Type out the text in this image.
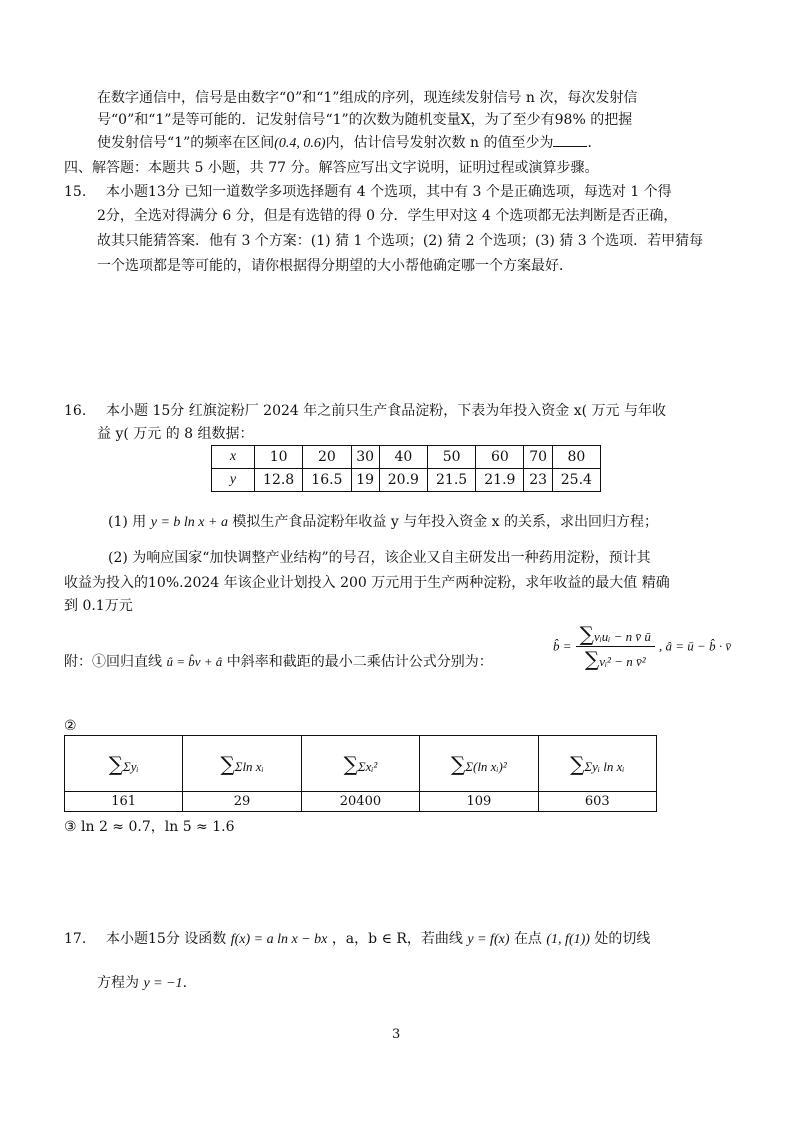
在数字通信中，信号是由数字“0”和“1”组成的序列，现连续发射信号 n 次，每次发射信
号“0”和“1”是等可能的．记发射信号“1”的次数为随机变量X，为了至少有98% 的把握
使发射信号“1”的频率在区间(0.4, 0.6)内，估计信号发射次数 n 的值至少为 ．
四、解答题：本题共 5 小题，共 77 分。解答应写出文字说明，证明过程或演算步骤。
15. 本小题13分 已知一道数学多项选择题有 4 个选项，其中有 3 个是正确选项，每选对 1 个得
2分，全选对得满分 6 分，但是有选错的得 0 分．学生甲对这 4 个选项都无法判断是否正确，
故其只能猜答案．他有 3 个方案：(1) 猜 1 个选项；(2) 猜 2 个选项；(3) 猜 3 个选项．若甲猜每
一个选项都是等可能的，请你根据得分期望的大小帮他确定哪一个方案最好．
16. 本小题 15分 红旗淀粉厂 2024 年之前只生产食品淀粉，下表为年投入资金 x( 万元 与年收
益 y( 万元 的 8 组数据：
x	10	20	30	40	50	60	70	80
y	12.8	16.5	19	20.9	21.5	21.9	23	25.4
(1) 用 y = b ln x + a 模拟生产食品淀粉年收益 y 与年投入资金 x 的关系，求出回归方程；
(2) 为响应国家“加快调整产业结构”的号召，该企业又自主研发出一种药用淀粉，预计其
收益为投入的10%.2024 年该企业计划投入 200 万元用于生产两种淀粉，求年收益的最大值 精确
到 0.1万元
附：①回归直线 û = b̂v + â 中斜率和截距的最小二乘估计公式分别为：
b̂ = $\frac{\text{∑vᵢuᵢ − n v̄ ū}}{\text{∑vᵢ² − n v̄²}}$ , â = ū − b̂ · v̄
②
∑Σyᵢ	∑Σln xᵢ	∑Σxᵢ²	∑Σ(ln xᵢ)²	∑Σyᵢ ln xᵢ
161	29	20400	109	603
③ ln 2 ≈ 0.7，ln 5 ≈ 1.6
17. 本小题15分 设函数 f(x) = a ln x − bx ，a，b ∈ R，若曲线 y = f(x) 在点 (1, f(1)) 处的切线
方程为 y = −1.
3
